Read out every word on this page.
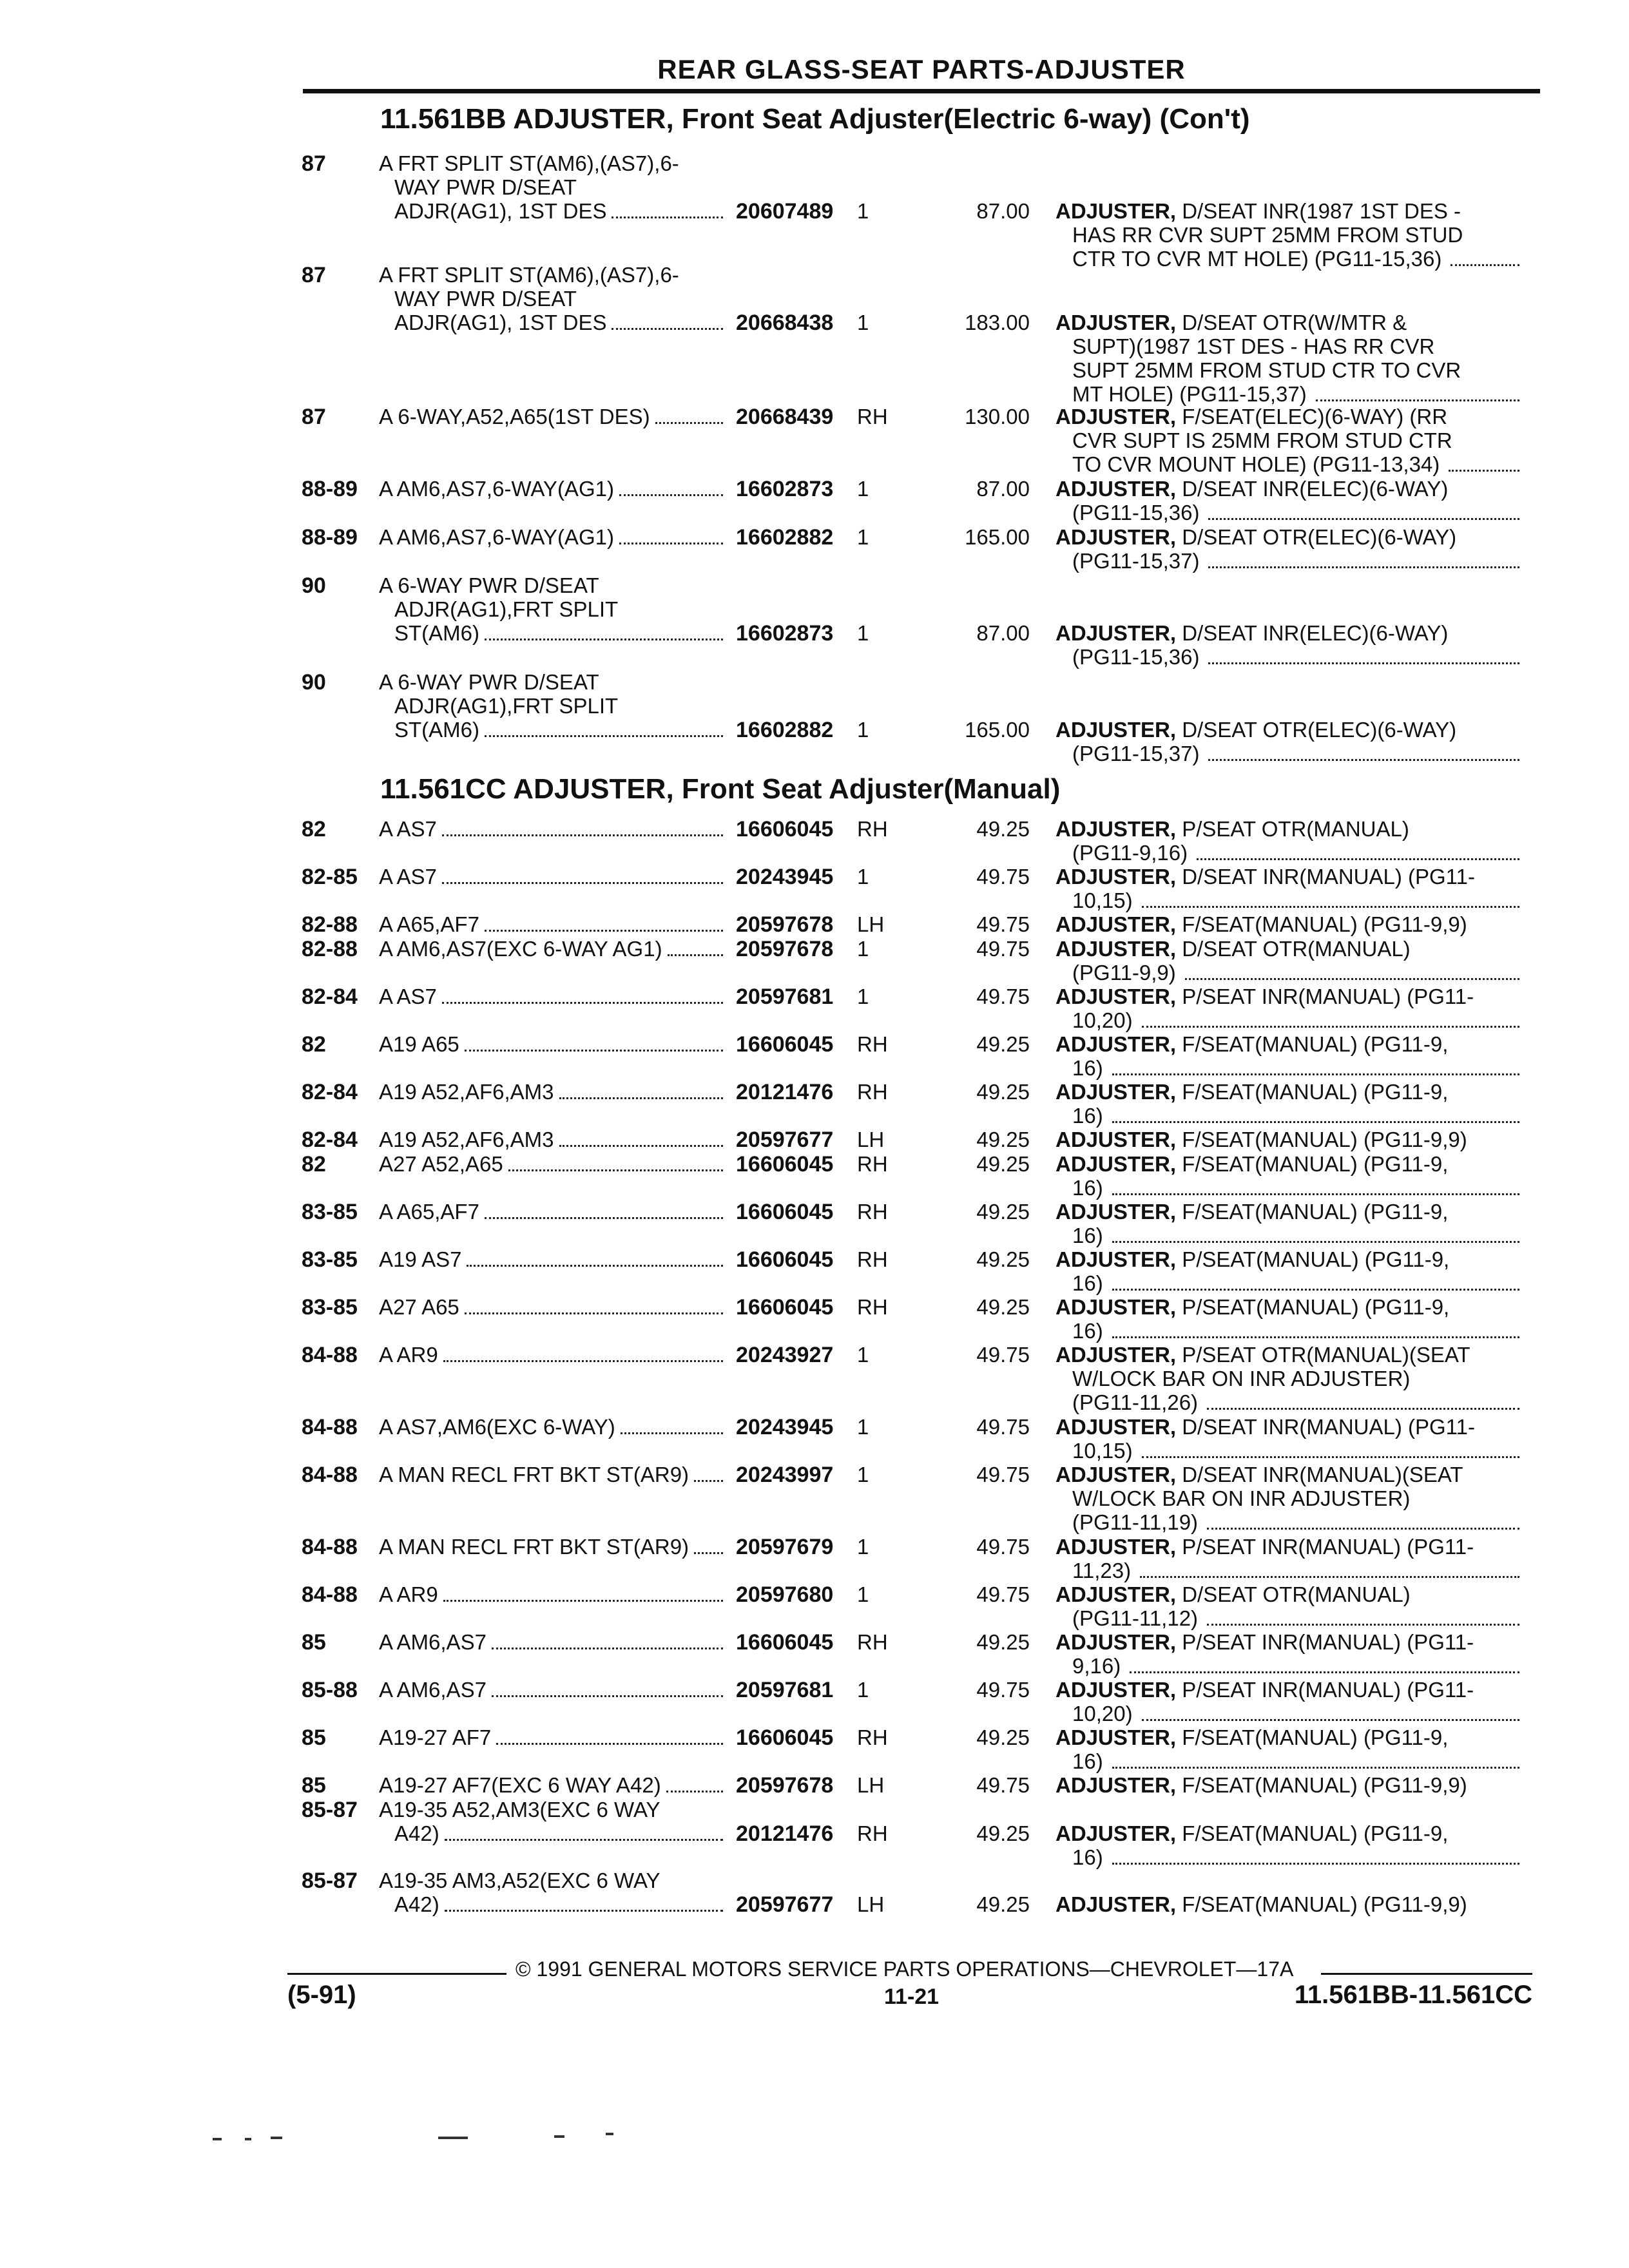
REAR GLASS-SEAT PARTS-ADJUSTER
11.561BB ADJUSTER, Front Seat Adjuster(Electric 6-way) (Con't)
11.561CC ADJUSTER, Front Seat Adjuster(Manual)
87 A FRT SPLIT ST(AM6),(AS7),6-
WAY PWR D/SEAT
ADJR(AG1), 1ST DES	20607489 1	87.00 ADJUSTER, D/SEAT INR(1987 1ST DES -
HAS RR CVR SUPT 25MM FROM STUD
CTR TO CVR MT HOLE) (PG11-15,36)
87 A FRT SPLIT ST(AM6),(AS7),6-
WAY PWR D/SEAT
ADJR(AG1), 1ST DES	20668438 1	183.00 ADJUSTER, D/SEAT OTR(W/MTR &
SUPT)(1987 1ST DES - HAS RR CVR
SUPT 25MM FROM STUD CTR TO CVR
MT HOLE) (PG11-15,37)
87 A 6-WAY,A52,A65(1ST DES)	20668439 RH	130.00 ADJUSTER, F/SEAT(ELEC)(6-WAY) (RR
CVR SUPT IS 25MM FROM STUD CTR
TO CVR MOUNT HOLE) (PG11-13,34)
88-89 A AM6,AS7,6-WAY(AG1)	16602873 1	87.00 ADJUSTER, D/SEAT INR(ELEC)(6-WAY)
(PG11-15,36)
88-89 A AM6,AS7,6-WAY(AG1)	16602882 1	165.00 ADJUSTER, D/SEAT OTR(ELEC)(6-WAY)
(PG11-15,37)
90 A 6-WAY PWR D/SEAT
ADJR(AG1),FRT SPLIT
ST(AM6)	16602873 1	87.00 ADJUSTER, D/SEAT INR(ELEC)(6-WAY)
(PG11-15,36)
90 A 6-WAY PWR D/SEAT
ADJR(AG1),FRT SPLIT
ST(AM6)	16602882 1	165.00 ADJUSTER, D/SEAT OTR(ELEC)(6-WAY)
(PG11-15,37)
82 A AS7	16606045 RH	49.25 ADJUSTER, P/SEAT OTR(MANUAL)
(PG11-9,16)
82-85 A AS7	20243945 1	49.75 ADJUSTER, D/SEAT INR(MANUAL) (PG11-
10,15)
82-88 A A65,AF7	20597678 LH	49.75 ADJUSTER, F/SEAT(MANUAL) (PG11-9,9)
82-88 A AM6,AS7(EXC 6-WAY AG1)	20597678 1	49.75 ADJUSTER, D/SEAT OTR(MANUAL)
(PG11-9,9)
82-84 A AS7	20597681 1	49.75 ADJUSTER, P/SEAT INR(MANUAL) (PG11-
10,20)
82 A19 A65	16606045 RH	49.25 ADJUSTER, F/SEAT(MANUAL) (PG11-9,
16)
82-84 A19 A52,AF6,AM3	20121476 RH	49.25 ADJUSTER, F/SEAT(MANUAL) (PG11-9,
16)
82-84 A19 A52,AF6,AM3	20597677 LH	49.25 ADJUSTER, F/SEAT(MANUAL) (PG11-9,9)
82 A27 A52,A65	16606045 RH	49.25 ADJUSTER, F/SEAT(MANUAL) (PG11-9,
16)
83-85 A A65,AF7	16606045 RH	49.25 ADJUSTER, F/SEAT(MANUAL) (PG11-9,
16)
83-85 A19 AS7	16606045 RH	49.25 ADJUSTER, P/SEAT(MANUAL) (PG11-9,
16)
83-85 A27 A65	16606045 RH	49.25 ADJUSTER, P/SEAT(MANUAL) (PG11-9,
16)
84-88 A AR9	20243927 1	49.75 ADJUSTER, P/SEAT OTR(MANUAL)(SEAT
W/LOCK BAR ON INR ADJUSTER)
(PG11-11,26)
84-88 A AS7,AM6(EXC 6-WAY)	20243945 1	49.75 ADJUSTER, D/SEAT INR(MANUAL) (PG11-
10,15)
84-88 A MAN RECL FRT BKT ST(AR9) 20243997 1	49.75 ADJUSTER, D/SEAT INR(MANUAL)(SEAT
W/LOCK BAR ON INR ADJUSTER)
(PG11-11,19)
84-88 A MAN RECL FRT BKT ST(AR9) 20597679 1	49.75 ADJUSTER, P/SEAT INR(MANUAL) (PG11-
11,23)
84-88 A AR9	20597680 1	49.75 ADJUSTER, D/SEAT OTR(MANUAL)
(PG11-11,12)
85 A AM6,AS7	16606045 RH	49.25 ADJUSTER, P/SEAT INR(MANUAL) (PG11-
9,16)
85-88 A AM6,AS7	20597681 1	49.75 ADJUSTER, P/SEAT INR(MANUAL) (PG11-
10,20)
85 A19-27 AF7	16606045 RH	49.25 ADJUSTER, F/SEAT(MANUAL) (PG11-9,
16)
85 A19-27 AF7(EXC 6 WAY A42)	20597678 LH	49.75 ADJUSTER, F/SEAT(MANUAL) (PG11-9,9)
85-87 A19-35 A52,AM3(EXC 6 WAY
A42)	20121476 RH	49.25 ADJUSTER, F/SEAT(MANUAL) (PG11-9,
16)
85-87 A19-35 AM3,A52(EXC 6 WAY
A42)	20597677 LH	49.25 ADJUSTER, F/SEAT(MANUAL) (PG11-9,9)
© 1991 GENERAL MOTORS SERVICE PARTS OPERATIONS—CHEVROLET—17A
(5-91)	11-21	11.561BB-11.561CC
